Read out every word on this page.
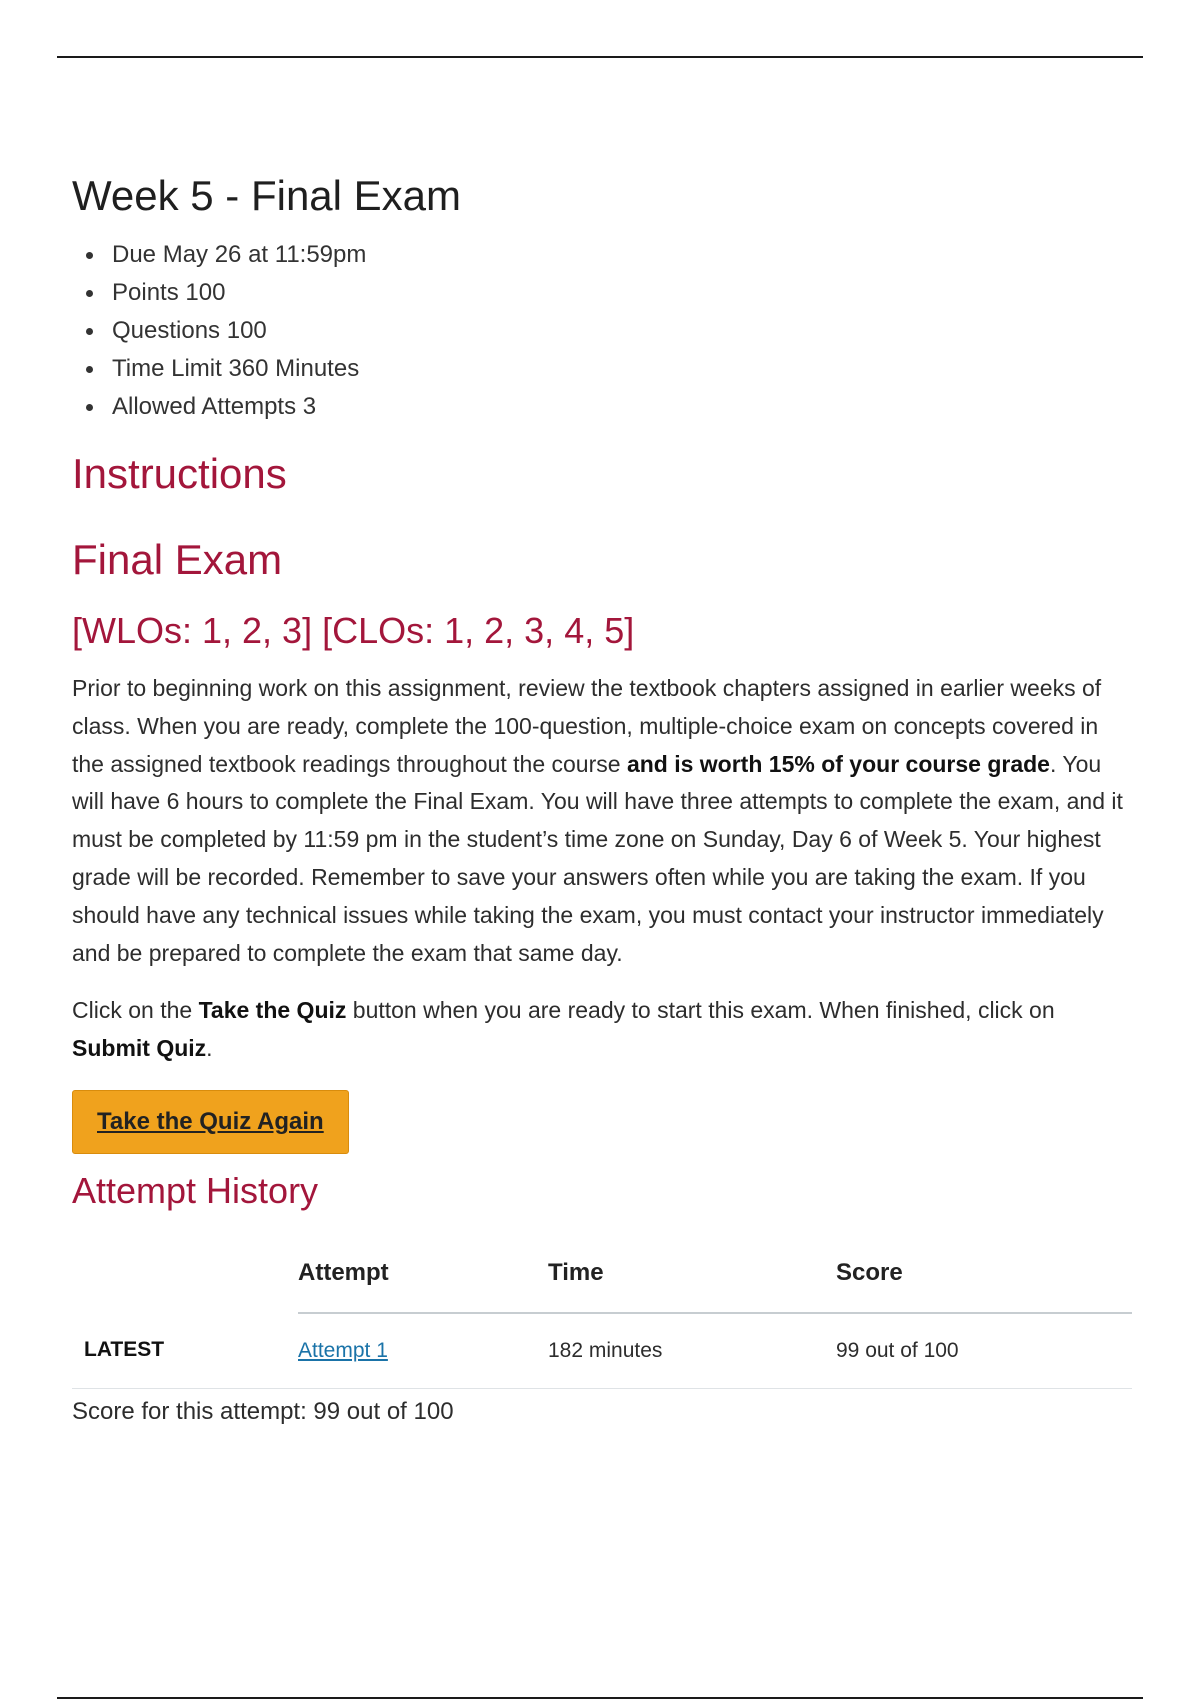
Week 5 - Final Exam
Due May 26 at 11:59pm
Points 100
Questions 100
Time Limit 360 Minutes
Allowed Attempts 3
Instructions
Final Exam
[WLOs: 1, 2, 3] [CLOs: 1, 2, 3, 4, 5]

Prior to beginning work on this assignment, review the textbook chapters assigned in earlier weeks of class. When you are ready, complete the 100-question, multiple-choice exam on concepts covered in the assigned textbook readings throughout the course and is worth 15% of your course grade. You will have 6 hours to complete the Final Exam. You will have three attempts to complete the exam, and it must be completed by 11:59 pm in the student’s time zone on Sunday, Day 6 of Week 5. Your highest grade will be recorded. Remember to save your answers often while you are taking the exam. If you should have any technical issues while taking the exam, you must contact your instructor immediately and be prepared to complete the exam that same day.

Click on the Take the Quiz button when you are ready to start this exam. When finished, click on Submit Quiz.

Take the Quiz Again
Attempt History
	Attempt	Time	Score
LATEST	Attempt 1	182 minutes	99 out of 100

Score for this attempt: 99 out of 100
